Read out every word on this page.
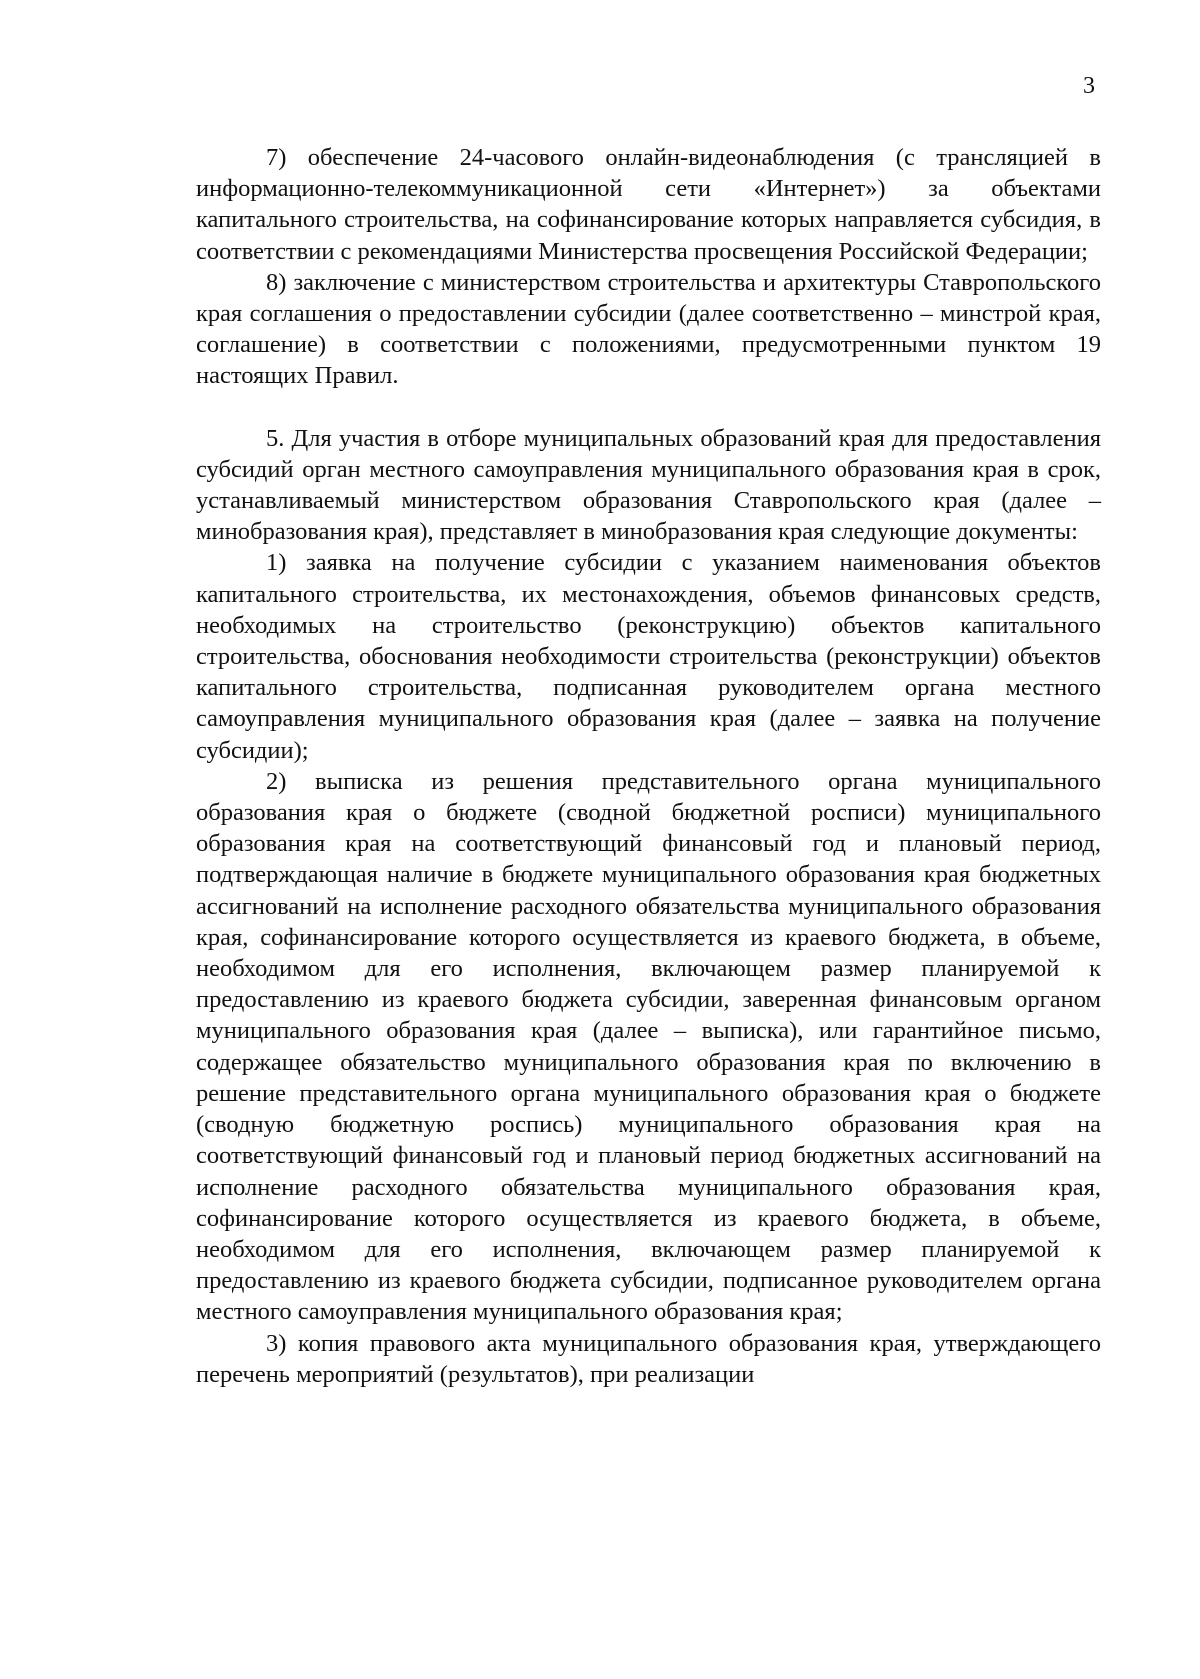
3

7) обеспечение 24-часового онлайн-видеонаблюдения (с трансляцией в информационно-телекоммуникационной сети «Интернет») за объектами капитального строительства, на софинансирование которых направляется субсидия, в соответствии с рекомендациями Министерства просвещения Российской Федерации;

8) заключение с министерством строительства и архитектуры Ставропольского края соглашения о предоставлении субсидии (далее соответственно – минстрой края, соглашение) в соответствии с положениями, предусмотренными пунктом 19 настоящих Правил.

5. Для участия в отборе муниципальных образований края для предоставления субсидий орган местного самоуправления муниципального образования края в срок, устанавливаемый министерством образования Ставропольского края (далее – минобразования края), представляет в минобразования края следующие документы:

1) заявка на получение субсидии с указанием наименования объектов капитального строительства, их местонахождения, объемов финансовых средств, необходимых на строительство (реконструкцию) объектов капитального строительства, обоснования необходимости строительства (реконструкции) объектов капитального строительства, подписанная руководителем органа местного самоуправления муниципального образования края (далее – заявка на получение субсидии);

2) выписка из решения представительного органа муниципального образования края о бюджете (сводной бюджетной росписи) муниципального образования края на соответствующий финансовый год и плановый период, подтверждающая наличие в бюджете муниципального образования края бюджетных ассигнований на исполнение расходного обязательства муниципального образования края, софинансирование которого осуществляется из краевого бюджета, в объеме, необходимом для его исполнения, включающем размер планируемой к предоставлению из краевого бюджета субсидии, заверенная финансовым органом муниципального образования края (далее – выписка), или гарантийное письмо, содержащее обязательство муниципального образования края по включению в решение представительного органа муниципального образования края о бюджете (сводную бюджетную роспись) муниципального образования края на соответствующий финансовый год и плановый период бюджетных ассигнований на исполнение расходного обязательства муниципального образования края, софинансирование которого осуществляется из краевого бюджета, в объеме, необходимом для его исполнения, включающем размер планируемой к предоставлению из краевого бюджета субсидии, подписанное руководителем органа местного самоуправления муниципального образования края;

3) копия правового акта муниципального образования края, утверждающего перечень мероприятий (результатов), при реализации
